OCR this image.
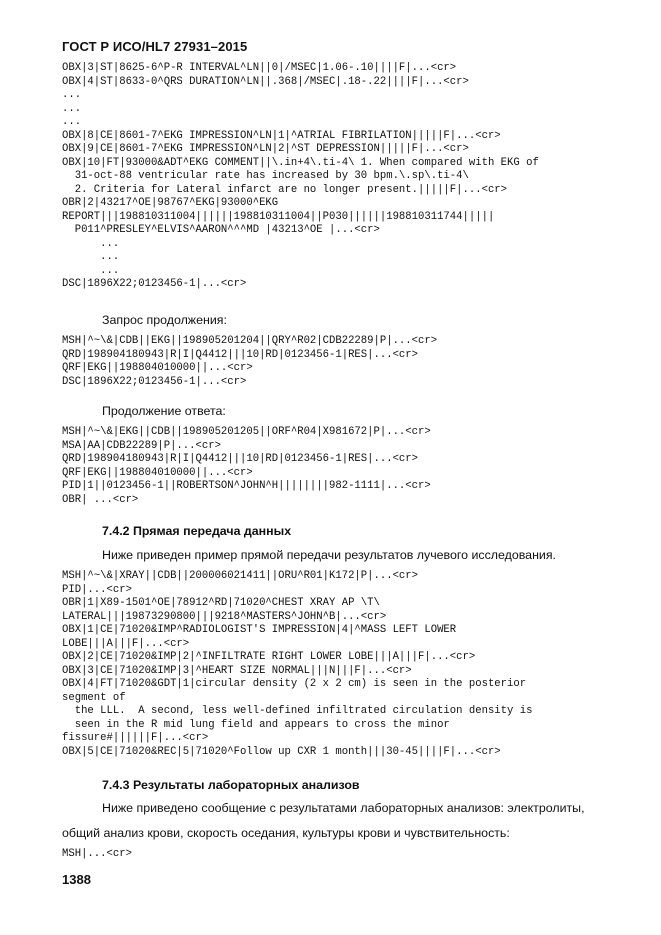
ГОСТ Р ИСО/HL7 27931–2015
OBX|3|ST|8625-6^P-R INTERVAL^LN||0|/MSEC|1.06-.10||||F|...<cr>
OBX|4|ST|8633-0^QRS DURATION^LN||.368|/MSEC|.18-.22||||F|...<cr>
...
...
...
OBX|8|CE|8601-7^EKG IMPRESSION^LN|1|^ATRIAL FIBRILATION|||||F|...<cr>
OBX|9|CE|8601-7^EKG IMPRESSION^LN|2|^ST DEPRESSION|||||F|...<cr>
OBX|10|FT|93000&ADT^EKG COMMENT||\.in+4\.ti-4\ 1. When compared with EKG of
31-oct-88 ventricular rate has increased by 30 bpm.\.sp\.ti-4\
2. Criteria for Lateral infarct are no longer present.|||||F|...<cr>
OBR|2|43217^OE|98767^EKG|93000^EKG
REPORT|||198810311004||||||198810311004||P030||||||198810311744|||||
P011^PRESLEY^ELVIS^AARON^^^MD |43213^OE |...<cr>
...
...
...
DSC|1896X22;0123456-1|...<cr>
Запрос продолжения:
MSH|^~\&|CDB||EKG||198905201204||QRY^R02|CDB22289|P|...<cr>
QRD|198904180943|R|I|Q4412|||10|RD|0123456-1|RES|...<cr>
QRF|EKG||198804010000||...<cr>
DSC|1896X22;0123456-1|...<cr>
Продолжение ответа:
MSH|^~\&|EKG||CDB||198905201205||ORF^R04|X981672|P|...<cr>
MSA|AA|CDB22289|P|...<cr>
QRD|198904180943|R|I|Q4412|||10|RD|0123456-1|RES|...<cr>
QRF|EKG||198804010000||...<cr>
PID|1||0123456-1||ROBERTSON^JOHN^H||||||||982-1111|...<cr>
OBR| ...<cr>
7.4.2 Прямая передача данных
Ниже приведен пример прямой передачи результатов лучевого исследования.
MSH|^~\&|XRAY||CDB||200006021411||ORU^R01|K172|P|...<cr>
PID|...<cr>
OBR|1|X89-1501^OE|78912^RD|71020^CHEST XRAY AP \T\
LATERAL|||19873290800|||9218^MASTERS^JOHN^B|...<cr>
OBX|1|CE|71020&IMP^RADIOLOGIST'S IMPRESSION|4|^MASS LEFT LOWER
LOBE|||A|||F|...<cr>
OBX|2|CE|71020&IMP|2|^INFILTRATE RIGHT LOWER LOBE|||A|||F|...<cr>
OBX|3|CE|71020&IMP|3|^HEART SIZE NORMAL|||N|||F|...<cr>
OBX|4|FT|71020&GDT|1|circular density (2 x 2 cm) is seen in the posterior
segment of
the LLL.  A second, less well-defined infiltrated circulation density is
seen in the R mid lung field and appears to cross the minor
fissure#||||||F|...<cr>
OBX|5|CE|71020&REC|5|71020^Follow up CXR 1 month|||30-45||||F|...<cr>
7.4.3 Результаты лабораторных анализов
Ниже приведено сообщение с результатами лабораторных анализов: электролиты,
общий анализ крови, скорость оседания, культуры крови и чувствительность:
MSH|...<cr>
1388
